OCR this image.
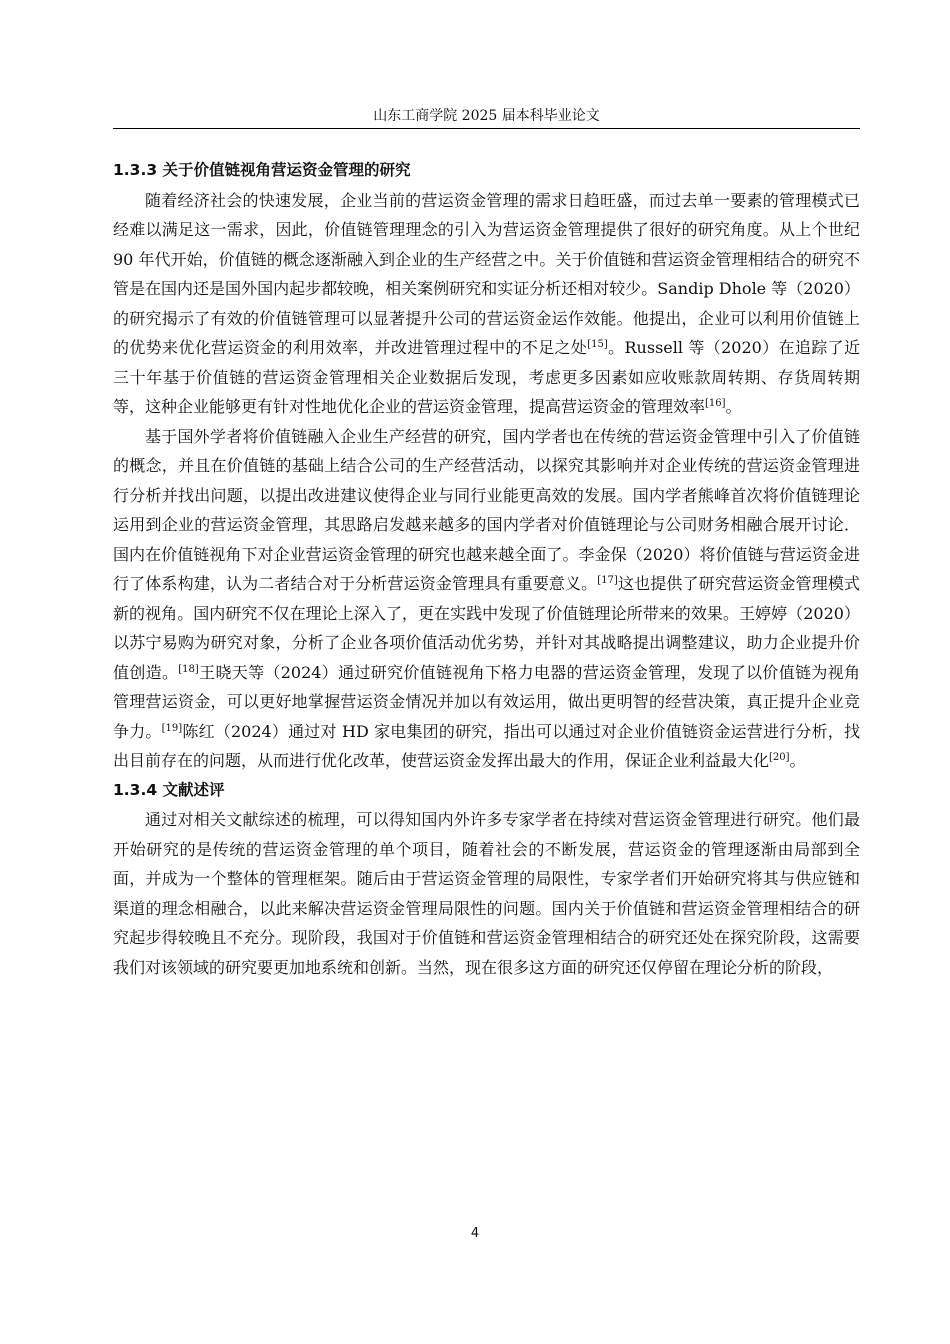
山东工商学院 2025 届本科毕业论文
1.3.3 关于价值链视角营运资金管理的研究

随着经济社会的快速发展，企业当前的营运资金管理的需求日趋旺盛，而过去单一要素的管理模式已经难以满足这一需求，因此，价值链管理理念的引入为营运资金管理提供了很好的研究角度。从上个世纪 90 年代开始，价值链的概念逐渐融入到企业的生产经营之中。关于价值链和营运资金管理相结合的研究不管是在国内还是国外国内起步都较晚，相关案例研究和实证分析还相对较少。Sandip Dhole 等（2020）的研究揭示了有效的价值链管理可以显著提升公司的营运资金运作效能。他提出，企业可以利用价值链上的优势来优化营运资金的利用效率，并改进管理过程中的不足之处[15]。Russell 等（2020）在追踪了近三十年基于价值链的营运资金管理相关企业数据后发现，考虑更多因素如应收账款周转期、存货周转期等，这种企业能够更有针对性地优化企业的营运资金管理，提高营运资金的管理效率[16]。

基于国外学者将价值链融入企业生产经营的研究，国内学者也在传统的营运资金管理中引入了价值链的概念，并且在价值链的基础上结合公司的生产经营活动，以探究其影响并对企业传统的营运资金管理进行分析并找出问题，以提出改进建议使得企业与同行业能更高效的发展。国内学者熊峰首次将价值链理论运用到企业的营运资金管理，其思路启发越来越多的国内学者对价值链理论与公司财务相融合展开讨论．国内在价值链视角下对企业营运资金管理的研究也越来越全面了。李金保（2020）将价值链与营运资金进行了体系构建，认为二者结合对于分析营运资金管理具有重要意义。[17]这也提供了研究营运资金管理模式新的视角。国内研究不仅在理论上深入了，更在实践中发现了价值链理论所带来的效果。王婷婷（2020）以苏宁易购为研究对象，分析了企业各项价值活动优劣势，并针对其战略提出调整建议，助力企业提升价值创造。[18]王晓天等（2024）通过研究价值链视角下格力电器的营运资金管理，发现了以价值链为视角管理营运资金，可以更好地掌握营运资金情况并加以有效运用，做出更明智的经营决策，真正提升企业竞争力。[19]陈红（2024）通过对 HD 家电集团的研究，指出可以通过对企业价值链资金运营进行分析，找出目前存在的问题，从而进行优化改革，使营运资金发挥出最大的作用，保证企业利益最大化[20]。

1.3.4 文献述评

通过对相关文献综述的梳理，可以得知国内外许多专家学者在持续对营运资金管理进行研究。他们最开始研究的是传统的营运资金管理的单个项目，随着社会的不断发展，营运资金的管理逐渐由局部到全面，并成为一个整体的管理框架。随后由于营运资金管理的局限性，专家学者们开始研究将其与供应链和渠道的理念相融合，以此来解决营运资金管理局限性的问题。国内关于价值链和营运资金管理相结合的研究起步得较晚且不充分。现阶段，我国对于价值链和营运资金管理相结合的研究还处在探究阶段，这需要我们对该领域的研究要更加地系统和创新。当然，现在很多这方面的研究还仅停留在理论分析的阶段，

4
